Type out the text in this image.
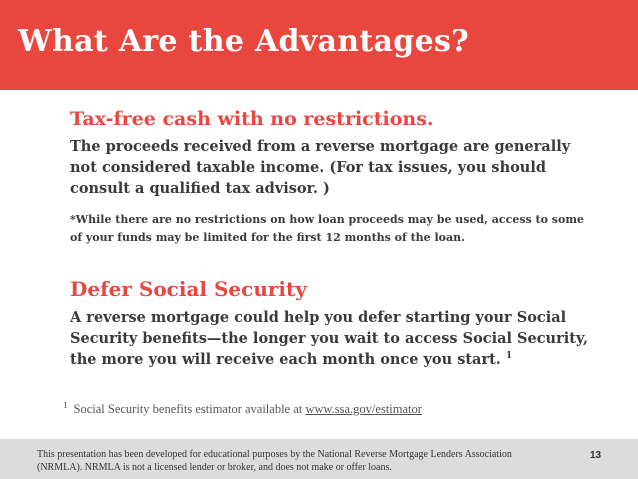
What Are the Advantages?
Tax-free cash with no restrictions.

The proceeds received from a reverse mortgage are generally not considered taxable income. (For tax issues, you should consult a qualified tax advisor. )

*While there are no restrictions on how loan proceeds may be used, access to some of your funds may be limited for the first 12 months of the loan.

Defer Social Security

A reverse mortgage could help you defer starting your Social Security benefits—the longer you wait to access Social Security, the more you will receive each month once you start. $^1$

$^1$ Social Security benefits estimator available at www.ssa.gov/estimator

This presentation has been developed for educational purposes by the National Reverse Mortgage Lenders Association (NRMLA). NRMLA is not a licensed lender or broker, and does not make or offer loans.

13
